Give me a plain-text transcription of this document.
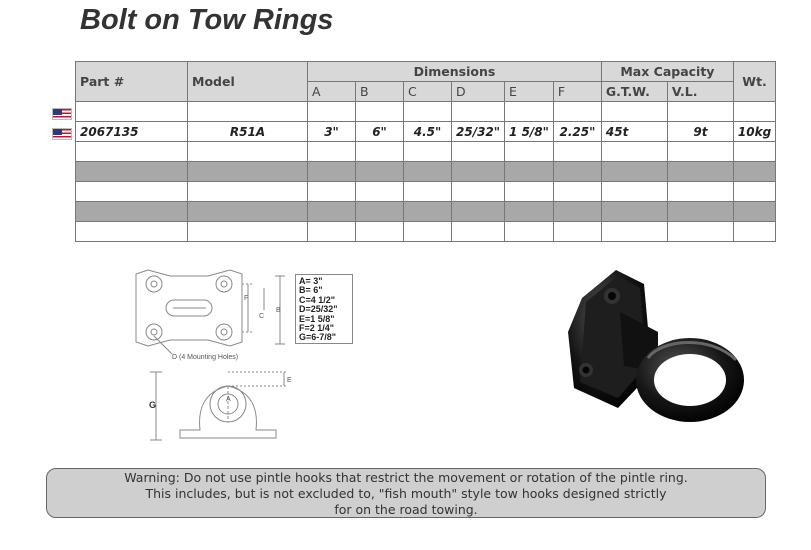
Bolt on Tow Rings
Part #	Model	Dimensions						Max Capacity		Wt.
		A	B	C	D	E	F	G.T.W.	V.L.	

2067135	R51A	3"	6"	4.5"	25/32"	1 5/8"	2.25"	45t	9t	10kg

F
C
B
D (4 Mounting Holes)
E
A
G
A= 3"
B= 6"
C=4 1/2"
D=25/32"
E=1 5/8"
F=2 1/4"
G=6-7/8"
Warning: Do not use pintle hooks that restrict the movement or rotation of the pintle ring.
This includes, but is not excluded to, "fish mouth" style tow hooks designed strictly
for on the road towing.
